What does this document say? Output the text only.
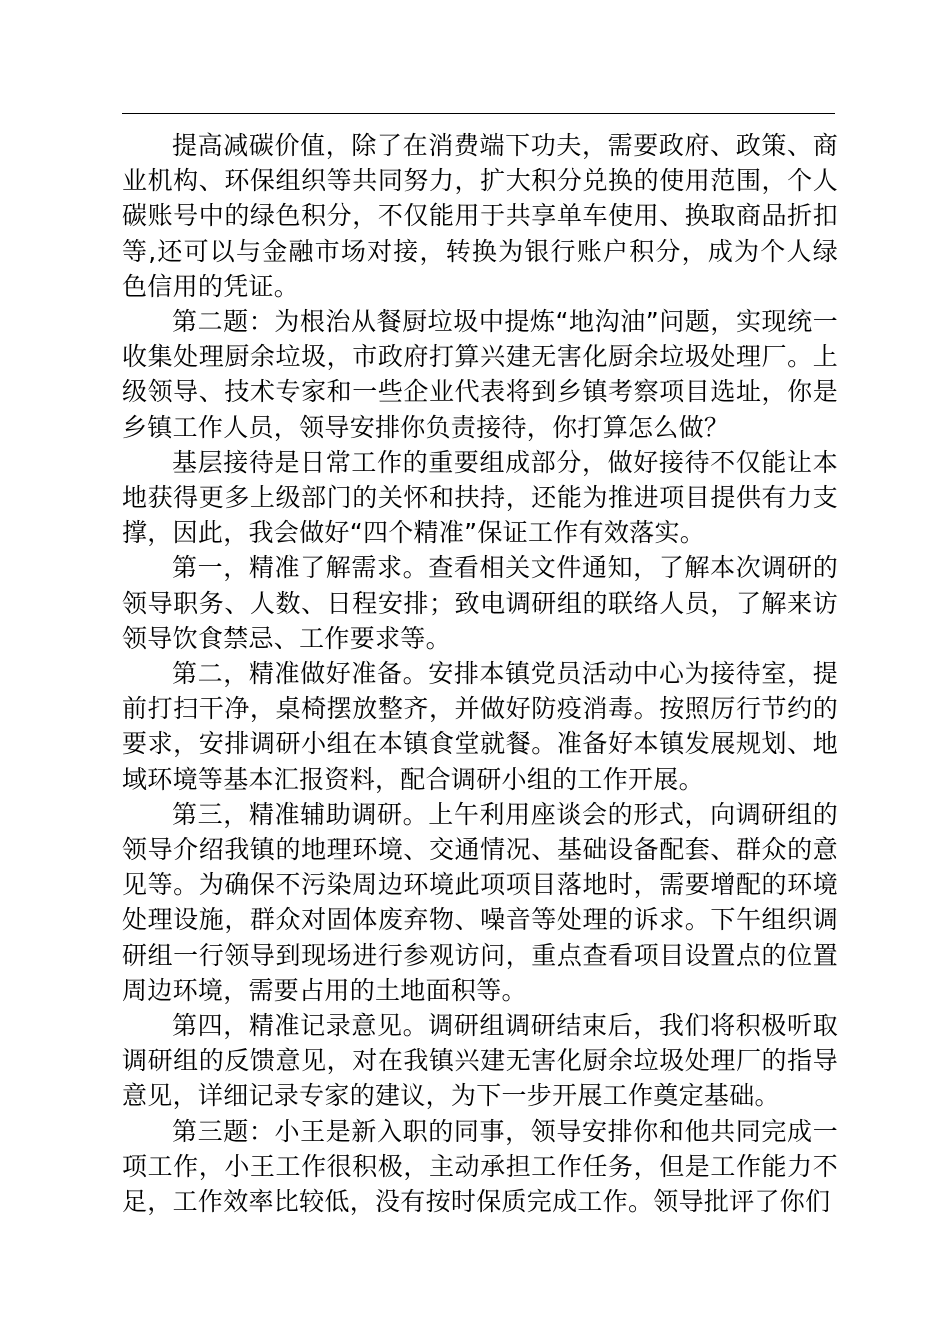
提高减碳价值，除了在消费端下功夫，需要政府、政策、商业机构、环保组织等共同努力，扩大积分兑换的使用范围，个人碳账号中的绿色积分，不仅能用于共享单车使用、换取商品折扣等,还可以与金融市场对接，转换为银行账户积分，成为个人绿色信用的凭证。

第二题：为根治从餐厨垃圾中提炼“地沟油”问题，实现统一收集处理厨余垃圾，市政府打算兴建无害化厨余垃圾处理厂。上级领导、技术专家和一些企业代表将到乡镇考察项目选址，你是乡镇工作人员，领导安排你负责接待，你打算怎么做？

基层接待是日常工作的重要组成部分，做好接待不仅能让本地获得更多上级部门的关怀和扶持，还能为推进项目提供有力支撑，因此，我会做好“四个精准”保证工作有效落实。

第一，精准了解需求。查看相关文件通知，了解本次调研的领导职务、人数、日程安排；致电调研组的联络人员，了解来访领导饮食禁忌、工作要求等。

第二，精准做好准备。安排本镇党员活动中心为接待室，提前打扫干净，桌椅摆放整齐，并做好防疫消毒。按照厉行节约的要求，安排调研小组在本镇食堂就餐。准备好本镇发展规划、地域环境等基本汇报资料，配合调研小组的工作开展。

第三，精准辅助调研。上午利用座谈会的形式，向调研组的领导介绍我镇的地理环境、交通情况、基础设备配套、群众的意见等。为确保不污染周边环境此项项目落地时，需要增配的环境处理设施，群众对固体废弃物、噪音等处理的诉求。下午组织调研组一行领导到现场进行参观访问，重点查看项目设置点的位置周边环境，需要占用的土地面积等。

第四，精准记录意见。调研组调研结束后，我们将积极听取调研组的反馈意见，对在我镇兴建无害化厨余垃圾处理厂的指导意见，详细记录专家的建议，为下一步开展工作奠定基础。

第三题：小王是新入职的同事，领导安排你和他共同完成一项工作，小王工作很积极，主动承担工作任务，但是工作能力不足，工作效率比较低，没有按时保质完成工作。领导批评了你们
